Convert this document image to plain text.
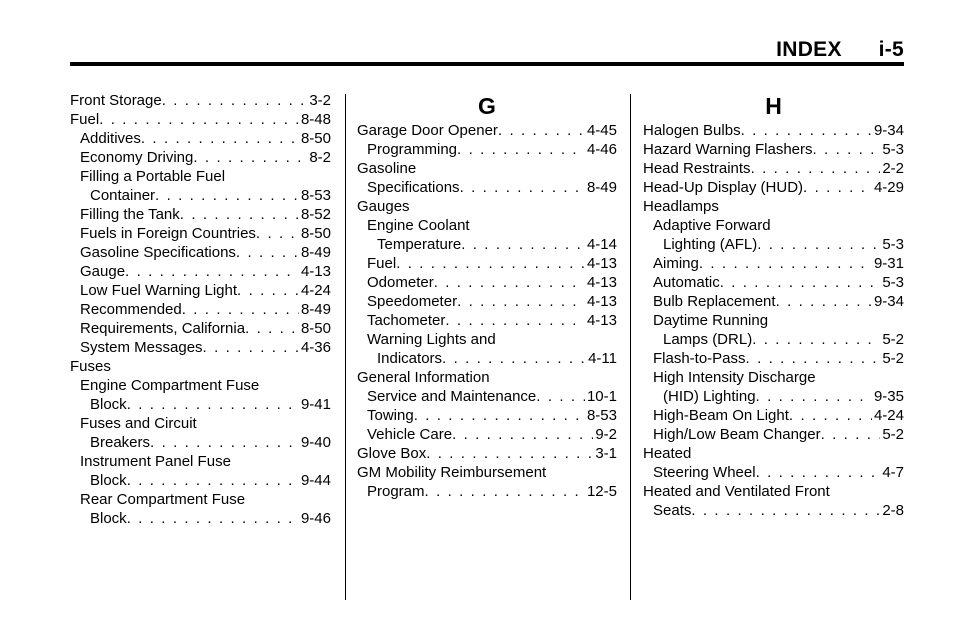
INDEX      i-5
Front Storage . . .	3-2
Fuel . . .	8-48
Additives . . .	8-50
Economy Driving . . .	8-2
Filling a Portable Fuel
Container . . .	8-53
Filling the Tank . . .	8-52
Fuels in Foreign Countries . . .	8-50
Gasoline Specifications . . .	8-49
Gauge . . .	4-13
Low Fuel Warning Light . . .	4-24
Recommended . . .	8-49
Requirements, California . . .	8-50
System Messages . . .	4-36
Fuses
Engine Compartment Fuse
Block . . .	9-41
Fuses and Circuit
Breakers . . .	9-40
Instrument Panel Fuse
Block . . .	9-44
Rear Compartment Fuse
Block . . .	9-46
G
Garage Door Opener . . .	4-45
Programming . . .	4-46
Gasoline
Specifications . . .	8-49
Gauges
Engine Coolant
Temperature . . .	4-14
Fuel . . .	4-13
Odometer . . .	4-13
Speedometer . . .	4-13
Tachometer . . .	4-13
Warning Lights and
Indicators . . .	4-11
General Information
Service and Maintenance . . .	10-1
Towing . . .	8-53
Vehicle Care . . .	9-2
Glove Box . . .	3-1
GM Mobility Reimbursement
Program . . .	12-5
H
Halogen Bulbs . . .	9-34
Hazard Warning Flashers . . .	5-3
Head Restraints . . .	2-2
Head-Up Display (HUD) . . .	4-29
Headlamps
Adaptive Forward
Lighting (AFL) . . .	5-3
Aiming . . .	9-31
Automatic . . .	5-3
Bulb Replacement . . .	9-34
Daytime Running
Lamps (DRL) . . .	5-2
Flash-to-Pass . . .	5-2
High Intensity Discharge
(HID) Lighting . . .	9-35
High-Beam On Light . . .	4-24
High/Low Beam Changer . . .	5-2
Heated
Steering Wheel . . .	4-7
Heated and Ventilated Front
Seats . . .	2-8
